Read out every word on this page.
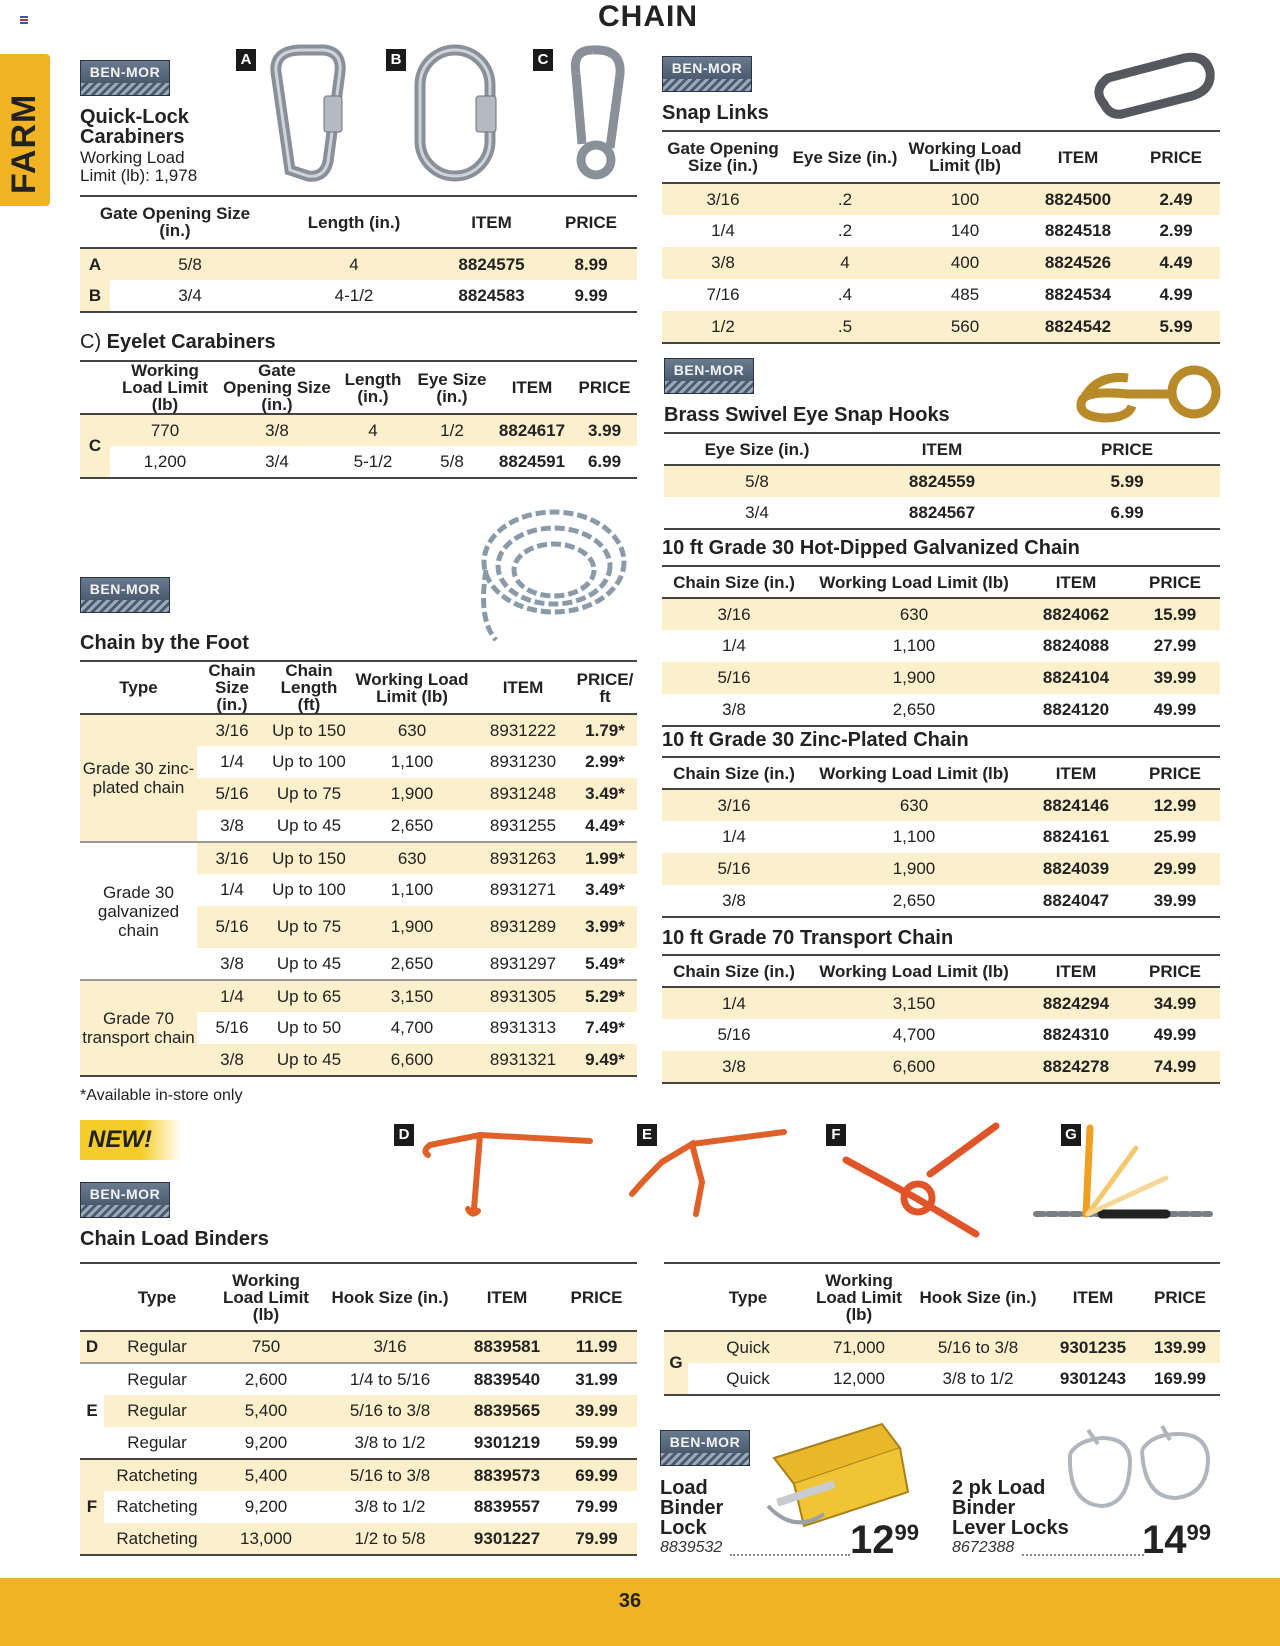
CHAIN
FARM
BEN-MOR
Quick-Lock
Carabiners
Working Load
Limit (lb): 1,978
A	B	C
Gate Opening Size (in.)		Length (in.)	ITEM	PRICE
A	5/8	4	8824575	8.99
B	3/4	4-1/2	8824583	9.99
C) Eyelet Carabiners
	Working Load Limit (lb)	Gate Opening Size (in.)	Length (in.)	Eye Size (in.)	ITEM	PRICE
C	770	3/8	4	1/2	8824617	3.99
	1,200	3/4	5-1/2	5/8	8824591	6.99
BEN-MOR
Chain by the Foot
Type	Chain Size (in.)	Chain Length (ft)	Working Load Limit (lb)	ITEM	PRICE/ ft
Grade 30 zinc-plated chain	3/16	Up to 150	630	8931222	1.79*
	1/4	Up to 100	1,100	8931230	2.99*
	5/16	Up to 75	1,900	8931248	3.49*
	3/8	Up to 45	2,650	8931255	4.49*
Grade 30 galvanized chain	3/16	Up to 150	630	8931263	1.99*
	1/4	Up to 100	1,100	8931271	3.49*
	5/16	Up to 75	1,900	8931289	3.99*
	3/8	Up to 45	2,650	8931297	5.49*
Grade 70 transport chain	1/4	Up to 65	3,150	8931305	5.29*
	5/16	Up to 50	4,700	8931313	7.49*
	3/8	Up to 45	6,600	8931321	9.49*
*Available in-store only
BEN-MOR
Snap Links
Gate Opening Size (in.)	Eye Size (in.)	Working Load Limit (lb)	ITEM	PRICE
3/16	.2	100	8824500	2.49
1/4	.2	140	8824518	2.99
3/8	4	400	8824526	4.49
7/16	.4	485	8824534	4.99
1/2	.5	560	8824542	5.99
BEN-MOR
Brass Swivel Eye Snap Hooks
Eye Size (in.)	ITEM	PRICE
5/8	8824559	5.99
3/4	8824567	6.99
10 ft Grade 30 Hot-Dipped Galvanized Chain
Chain Size (in.)	Working Load Limit (lb)	ITEM	PRICE
3/16	630	8824062	15.99
1/4	1,100	8824088	27.99
5/16	1,900	8824104	39.99
3/8	2,650	8824120	49.99
10 ft Grade 30 Zinc-Plated Chain
Chain Size (in.)	Working Load Limit (lb)	ITEM	PRICE
3/16	630	8824146	12.99
1/4	1,100	8824161	25.99
5/16	1,900	8824039	29.99
3/8	2,650	8824047	39.99
10 ft Grade 70 Transport Chain
Chain Size (in.)	Working Load Limit (lb)	ITEM	PRICE
1/4	3,150	8824294	34.99
5/16	4,700	8824310	49.99
3/8	6,600	8824278	74.99
NEW!
BEN-MOR
Chain Load Binders
D	E	F	G
	Type	Working Load Limit (lb)	Hook Size (in.)	ITEM	PRICE
D	Regular	750	3/16	8839581	11.99
E	Regular	2,600	1/4 to 5/16	8839540	31.99
	Regular	5,400	5/16 to 3/8	8839565	39.99
	Regular	9,200	3/8 to 1/2	9301219	59.99
F	Ratcheting	5,400	5/16 to 3/8	8839573	69.99
	Ratcheting	9,200	3/8 to 1/2	8839557	79.99
	Ratcheting	13,000	1/2 to 5/8	9301227	79.99
	Type	Working Load Limit (lb)	Hook Size (in.)	ITEM	PRICE
G	Quick	71,000	5/16 to 3/8	9301235	139.99
	Quick	12,000	3/8 to 1/2	9301243	169.99
BEN-MOR
Load
Binder
Lock
8839532	$12^{99}$
2 pk Load
Binder
Lever Locks
8672388	$14^{99}$
36
